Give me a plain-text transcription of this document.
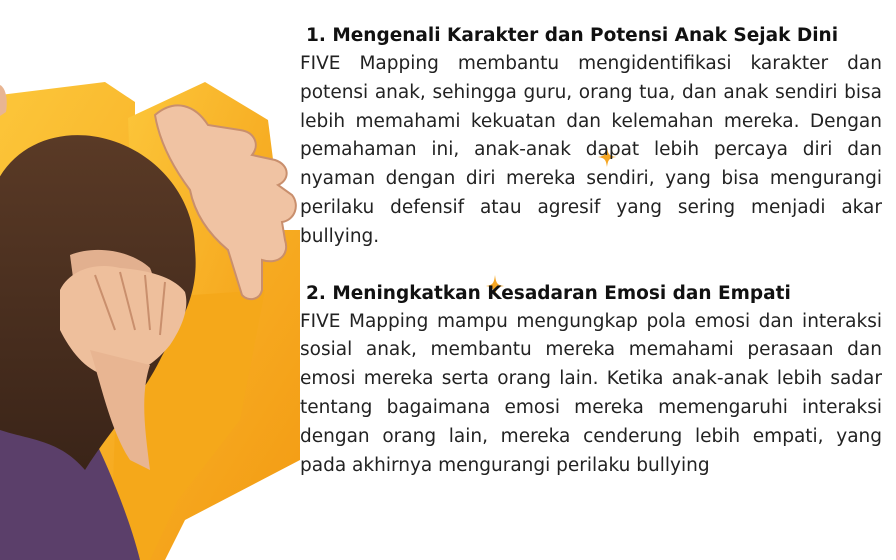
1. Mengenali Karakter dan Potensi Anak Sejak Dini

FIVE Mapping membantu mengidentifikasi karakter dan potensi anak, sehingga guru, orang tua, dan anak sendiri bisa lebih memahami kekuatan dan kelemahan mereka. Dengan pemahaman ini, anak-anak dapat lebih percaya diri dan nyaman dengan diri mereka sendiri, yang bisa mengurangi perilaku defensif atau agresif yang sering menjadi akar bullying.

2. Meningkatkan Kesadaran Emosi dan Empati

FIVE Mapping mampu mengungkap pola emosi dan interaksi sosial anak, membantu mereka memahami perasaan dan emosi mereka serta orang lain. Ketika anak-anak lebih sadar tentang bagaimana emosi mereka memengaruhi interaksi dengan orang lain, mereka cenderung lebih empati, yang pada akhirnya mengurangi perilaku bullying
